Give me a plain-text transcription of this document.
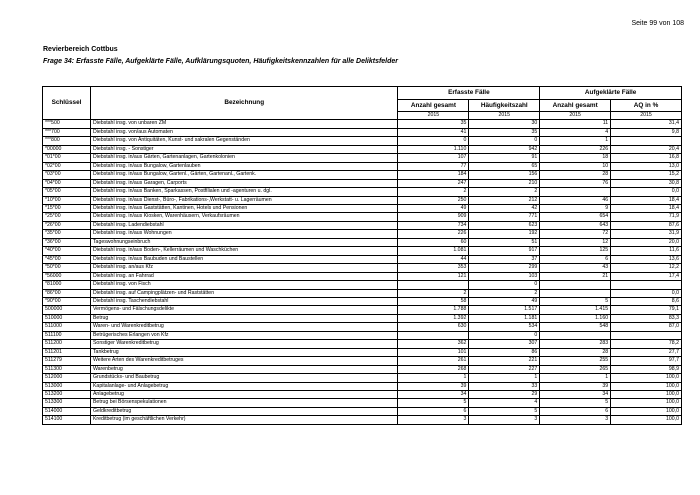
Seite 99 von 108
Revierbereich Cottbus
Frage 34: Erfasste Fälle, Aufgeklärte Fälle, Aufklärungsquoten, Häufigkeitskennzahlen für alle Deliktsfelder
Schlüssel	Bezeichnung	Erfasste Fälle		Aufgeklärte Fälle	
		Anzahl gesamt	Häufigkeitszahl	Anzahl gesamt	AQ in %
		2015	2015	2015	2015
***500	Diebstahl insg. von unbaren ZM	35	30	11	31,4
***700	Diebstahl insg. von/aus Automaten	41	35	4	9,8
***800	Diebstahl insg. von Antiquitäten, Kunst- und sakralen Gegenständen	0	0	1	
*00000	Diebstahl insg. - Sonstiger	1.110	942	226	20,4
*01*00	Diebstahl insg. in/aus Gärten, Gartenanlagen, Gartenkolonien	107	91	18	16,8
*02*00	Diebstahl insg. in/aus Bungalow, Gartenlauben	77	65	10	13,0
*03*00	Diebstahl insg. in/aus Bungalow, Gartenl., Gärten, Gartenanl., Gartenk.	184	156	28	15,2
*04*00	Diebstahl insg. in/aus Garagen, Carports	247	210	76	30,8
*05*00	Diebstahl insg. in/aus Banken, Sparkassen, Postfilialen und -agenturen u. dgl.	2	2		0,0
*10*00	Diebstahl insg. in/aus Dienst-, Büro-, Fabrikations-,Werkstatt- u. Lagerräumen	250	212	46	18,4
*15*00	Diebstahl insg. in/aus Gaststätten, Kantinen, Hotels und Pensionen	49	42	9	18,4
*25*00	Diebstahl insg. in/aus Kiosken, Warenhäusern, Verkaufsräumen	909	771	654	71,9
*26*00	Diebstahl insg. Ladendiebstahl	734	623	643	87,6
*35*00	Diebstahl insg. in/aus Wohnungen	226	192	72	31,9
*36*00	Tageswohnungseinbruch	60	51	12	20,0
*40*00	Diebstahl insg. in/aus Boden-, Kellerräumen und Waschküchen	1.081	917	125	11,6
*45*00	Diebstahl insg. in/aus Baubuden und Baustellen	44	37	6	13,6
*50*00	Diebstahl insg. an/aus Kfz	353	299	43	12,2
*56000	Diebstahl insg. an Fahrrad	121	103	21	17,4
*81000	Diebstahl insg. von Fisch		0		
*86*00	Diebstahl insg. auf Campingplätzen- und Raststätten	2	2		0,0
*90*00	Diebstahl insg. Taschendiebstahl	58	49	5	8,6
500000	Vermögens- und Fälschungsdelikte	1.788	1.517	1.415	79,1
510000	Betrug	1.392	1.181	1.160	83,3
511000	Waren- und Warenkreditbetrug	630	534	548	87,0
511100	Betrügerisches Erlangen von Kfz		0		
511200	Sonstiger Warenkreditbetrug	362	307	283	78,2
511201	Tankbetrug	101	86	28	27,7
511279	Weitere Arten des Warenkreditbetruges	261	221	255	97,7
511300	Warenbetrug	268	227	265	98,9
512000	Grundstücks- und Baubetrug	1	1	1	100,0
513000	Kapitalanlage- und Anlagebetrug	39	33	39	100,0
513200	Anlagebetrug	34	29	34	100,0
513300	Betrug bei Börsenspekulationen	5	4	5	100,0
514000	Geldkreditbetrug	6	5	6	100,0
514100	Kreditbetrug (im geschäftlichen Verkehr)	3	3	3	100,0
